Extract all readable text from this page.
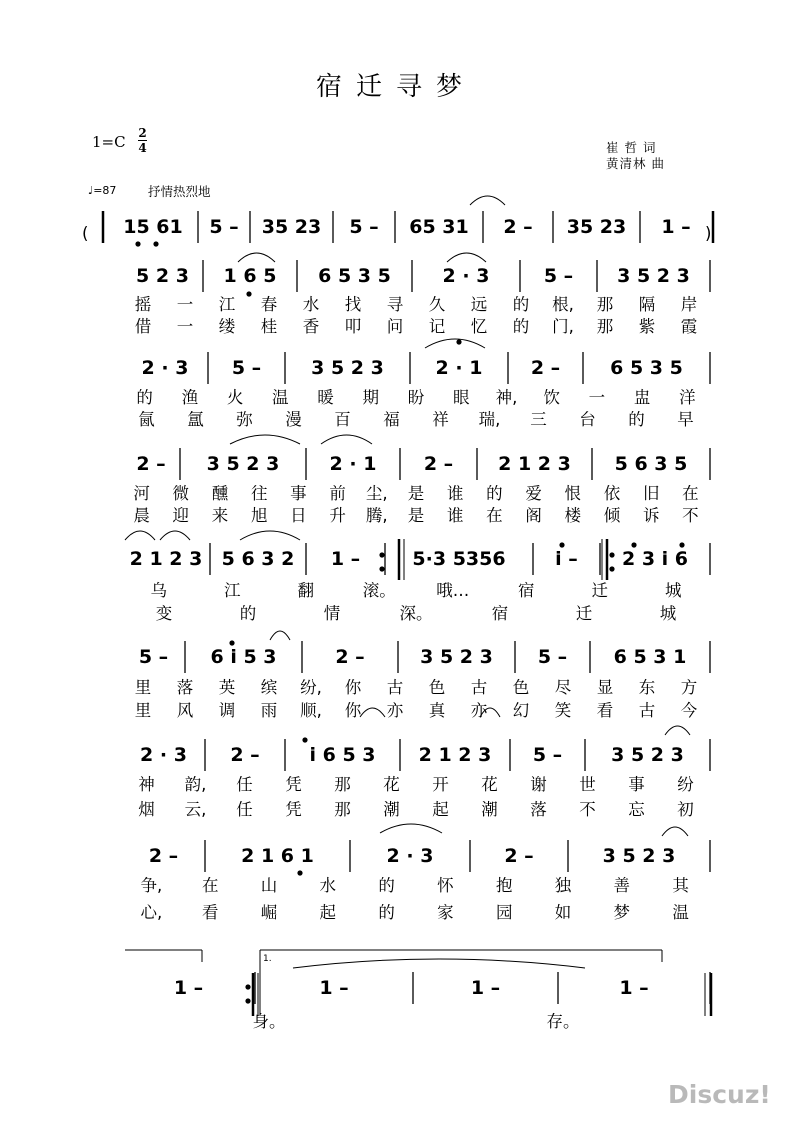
宿迁寻梦
1=C 2
4	崔 哲 词
黄清林 曲
♩=87	抒情热烈地
Discuz!
(	)
15 61 5 – 35 23 5 – 65 31 2 – 35 23 1 –
5 2 3 1 6 5 6 5 3 5	2 · 3	5 – 3 5 2 3
摇 一 江 春 水 找 寻 久 远 的 根, 那 隔 岸
借 一 缕 桂 香 叩 问 记 忆 的 门, 那 紫 霞
2 · 3 5 –	3 5 2 3	2 · 1	2 –	6 5 3 5
的 渔 火 温 暖 期 盼 眼 神, 饮 一 盅 洋
氤 氲 弥 漫 百 福 祥 瑞, 三 台 的 早
2 – 3 5 2 3	2 · 1 2 – 2 1 2 3 5 6 3 5
河 微 醺 往 事 前 尘, 是 谁 的 爱 恨 依 旧 在
晨 迎 来 旭 日 升 腾, 是 谁 在 阁 楼 倾 诉 不
2 1 2 3 5 6 3 2 1 –	5·3 5356	i – 2 3 i 6
乌	江	翻	滚。 哦…	宿	迁	城
变	的	情	深。	宿	迁	城
5 – 6 i 5 3	2 –	3 5 2 3 5 – 6 5 3 1
里 落 英 缤 纷, 你 古 色 古 色 尽 显 东 方
里 风 调 雨 顺, 你 亦 真 亦 幻 笑 看 古 今
2 · 3 2 –	i 6 5 3 2 1 2 3 5 –	3 5 2 3
神 韵, 任 凭 那 花 开 花 谢 世 事 纷
烟 云, 任 凭 那 潮 起 潮 落 不 忘 初
2 –	2 1 6 1	2 · 3	2 –	3 5 2 3
争, 在	山	水	的	怀	抱	独	善	其
心, 看	崛	起	的	家	园	如	梦	温
1 –	1 –	1 –	1 –
身。	存。
1.
